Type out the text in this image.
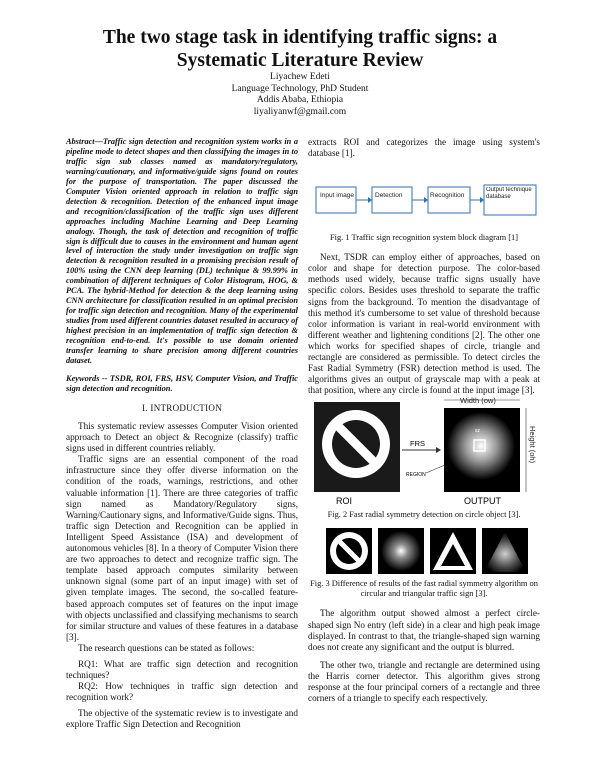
The two stage task in identifying traffic signs: a
Systematic Literature Review
Liyachew Edeti
Language Technology, PhD Student
Addis Ababa, Ethiopia
liyaliyanwf@gmail.com

Abstract—Traffic sign detection and recognition system works in a pipeline mode to detect shapes and then classifying the images in to traffic sign sub classes named as mandatory/regulatory, warning/cautionary, and informative/guide signs found on routes for the purpose of transportation. The paper discussed the Computer Vision oriented approach in relation to traffic sign detection & recognition. Detection of the enhanced input image and recognition/classification of the traffic sign uses different approaches including Machine Learning and Deep Learning analogy. Though, the task of detection and recognition of traffic sign is difficult due to causes in the environment and human agent level of interaction the study under investigation on traffic sign detection & recognition resulted in a promising precision result of 100% using the CNN deep learning (DL) technique & 99.99% in combination of different techniques of Color Histogram, HOG, & PCA. The hybrid-Method for detection & the deep learning using CNN architecture for classification resulted in an optimal precision for traffic sign detection and recognition. Many of the experimental studies from used different countries dataset resulted in accuracy of highest precision in an implementation of traffic sign detection & recognition end-to-end. It's possible to use domain oriented transfer learning to share precision among different countries dataset.

Keywords -- TSDR, ROI, FRS, HSV, Computer Vision, and Traffic sign detection and recognition.

I. INTRODUCTION

This systematic review assesses Computer Vision oriented approach to Detect an object & Recognize (classify) traffic signs used in different countries reliably.

Traffic signs are an essential component of the road infrastructure since they offer diverse information on the condition of the roads, warnings, restrictions, and other valuable information [1]. There are three categories of traffic sign named as Mandatory/Regulatory signs, Warning/Cautionary signs, and Informative/Guide signs. Thus, traffic sign Detection and Recognition can be applied in Intelligent Speed Assistance (ISA) and development of autonomous vehicles [8]. In a theory of Computer Vision there are two approaches to detect and recognize traffic sign. The template based approach computes similarity between unknown signal (some part of an input image) with set of given template images. The second, the so-called feature-based approach computes set of features on the input image with objects unclassified and classifying mechanisms to search for similar structure and values of these features in a database [3].

The research questions can be stated as follows:

RQ1: What are traffic sign detection and recognition techniques?

RQ2: How techniques in traffic sign detection and recognition work?

The objective of the systematic review is to investigate and explore Traffic Sign Detection and Recognition

extracts ROI and categorizes the image using system's database [1].

Input image	Detection	Recognition
Output technique database
Fig. 1 Traffic sign recognition system block diagram [1]

Next, TSDR can employ either of approaches, based on color and shape for detection purpose. The color-based methods used widely, because traffic signs usually have specific colors. Besides uses threshold to separate the traffic signs from the background. To mention the disadvantage of this method it's cumbersome to set value of threshold because color information is variant in real-world environment with different weather and lightening conditions [2]. The other one which works for specified shapes of circle, triangle and rectangle are considered as permissible. To detect circles the Fast Radial Symmetry (FSR) detection method is used. The algorithms gives an output of grayscale map with a peak at that position, where any circle is found at the input image [3].

ROI
FRS
REGION
sz
OUTPUT
Width (ow)
Height (oh)
Fig. 2 Fast radial symmetry detection on circle object [3].
Fig. 3 Difference of results of the fast radial symmetry algorithm on circular and triangular traffic sign [3].

The algorithm output showed almost a perfect circle-shaped sign No entry (left side) in a clear and high peak image displayed. In contrast to that, the triangle-shaped sign warning does not create any significant and the output is blurred.

The other two, triangle and rectangle are determined using the Harris corner detector. This algorithm gives strong response at the four principal corners of a rectangle and three corners of a triangle to specify each respectively.
